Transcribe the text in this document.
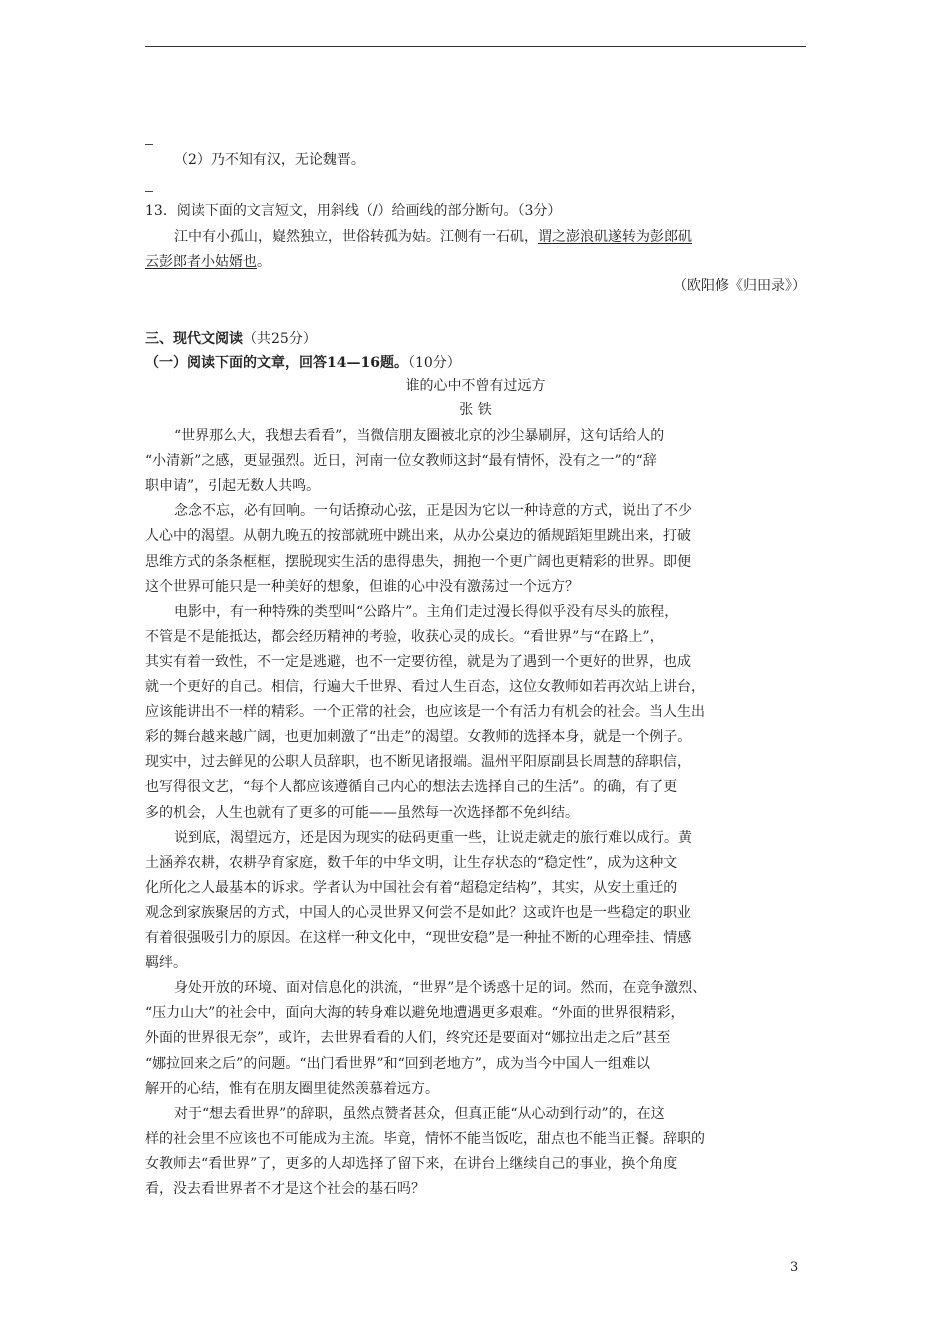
（2）乃不知有汉，无论魏晋。
13．阅读下面的文言短文，用斜线（/）给画线的部分断句。（3分）
江中有小孤山，嶷然独立，世俗转孤为姑。江侧有一石矶，谓之澎浪矶遂转为彭郎矶
云彭郎者小姑婿也。
（欧阳修《归田录》）
三、现代文阅读（共25分）
（一）阅读下面的文章，回答14—16题。（10分）
谁的心中不曾有过远方
张 铁
“世界那么大，我想去看看”，当微信朋友圈被北京的沙尘暴刷屏，这句话给人的
“小清新”之感，更显强烈。近日，河南一位女教师这封“最有情怀，没有之一”的“辞
职申请”，引起无数人共鸣。
念念不忘，必有回响。一句话撩动心弦，正是因为它以一种诗意的方式，说出了不少
人心中的渴望。从朝九晚五的按部就班中跳出来，从办公桌边的循规蹈矩里跳出来，打破
思维方式的条条框框，摆脱现实生活的患得患失，拥抱一个更广阔也更精彩的世界。即便
这个世界可能只是一种美好的想象，但谁的心中没有激荡过一个远方？
电影中，有一种特殊的类型叫“公路片”。主角们走过漫长得似乎没有尽头的旅程，
不管是不是能抵达，都会经历精神的考验，收获心灵的成长。“看世界”与“在路上”，
其实有着一致性，不一定是逃避，也不一定要彷徨，就是为了遇到一个更好的世界，也成
就一个更好的自己。相信，行遍大千世界、看过人生百态，这位女教师如若再次站上讲台，
应该能讲出不一样的精彩。一个正常的社会，也应该是一个有活力有机会的社会。当人生出
彩的舞台越来越广阔，也更加刺激了“出走”的渴望。女教师的选择本身，就是一个例子。
现实中，过去鲜见的公职人员辞职，也不断见诸报端。温州平阳原副县长周慧的辞职信，
也写得很文艺，“每个人都应该遵循自己内心的想法去选择自己的生活”。的确，有了更
多的机会，人生也就有了更多的可能——虽然每一次选择都不免纠结。
说到底，渴望远方，还是因为现实的砝码更重一些，让说走就走的旅行难以成行。黄
土涵养农耕，农耕孕育家庭，数千年的中华文明，让生存状态的“稳定性”，成为这种文
化所化之人最基本的诉求。学者认为中国社会有着“超稳定结构”，其实，从安土重迁的
观念到家族聚居的方式，中国人的心灵世界又何尝不是如此？这或许也是一些稳定的职业
有着很强吸引力的原因。在这样一种文化中，“现世安稳”是一种扯不断的心理牵挂、情感
羁绊。
身处开放的环境、面对信息化的洪流，“世界”是个诱惑十足的词。然而，在竞争激烈、
“压力山大”的社会中，面向大海的转身难以避免地遭遇更多艰难。“外面的世界很精彩，
外面的世界很无奈”，或许，去世界看看的人们，终究还是要面对“娜拉出走之后”甚至
“娜拉回来之后”的问题。“出门看世界”和“回到老地方”，成为当今中国人一组难以
解开的心结，惟有在朋友圈里徒然羡慕着远方。
对于“想去看世界”的辞职，虽然点赞者甚众，但真正能“从心动到行动”的，在这
样的社会里不应该也不可能成为主流。毕竟，情怀不能当饭吃，甜点也不能当正餐。辞职的
女教师去“看世界”了，更多的人却选择了留下来，在讲台上继续自己的事业，换个角度
看，没去看世界者不才是这个社会的基石吗？
3
